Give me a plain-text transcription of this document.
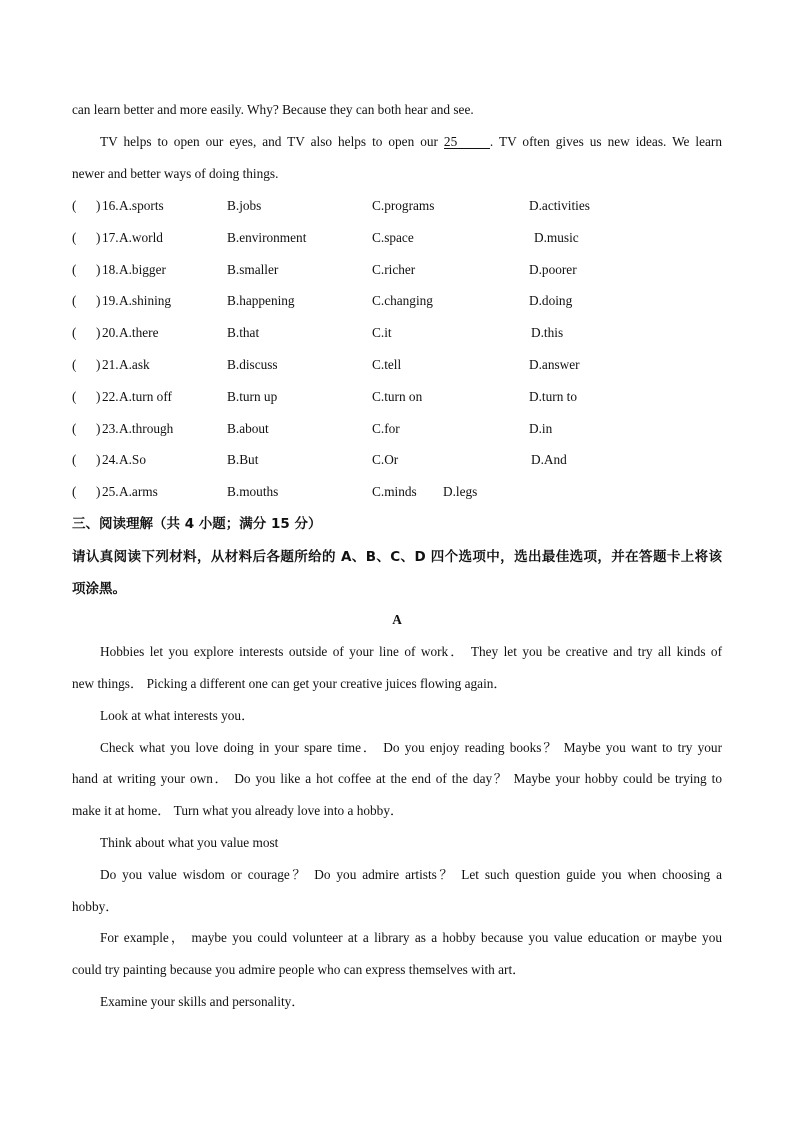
can learn better and more easily. Why? Because they can both hear and see.
TV helps to open our eyes, and TV also helps to open our 25 . TV often gives us new ideas. We learn
newer and better ways of doing things.
( ) 16. A.sports	B.jobs	C.programs	D.activities
( ) 17. A.world	B.environment	C.space	D.music
( ) 18. A.bigger	B.smaller	C.richer	D.poorer
( ) 19. A.shining	B.happening	C.changing	D.doing
( ) 20. A.there	B.that	C.it	D.this
( ) 21. A.ask	B.discuss	C.tell	D.answer
( ) 22. A.turn off	B.turn up	C.turn on	D.turn to
( ) 23. A.through	B.about	C.for	D.in
( ) 24. A.So	B.But	C.Or	D.And
( ) 25. A.arms	B.mouths	C.minds D.legs
三、阅读理解（共 4 小题；满分 15 分）
请认真阅读下列材料，从材料后各题所给的 A、B、C、D 四个选项中，选出最佳选项，并在答题卡上将该
项涂黑。
A
Hobbies let you explore interests outside of your line of work． They let you be creative and try all kinds of
new things． Picking a different one can get your creative juices flowing again．
Look at what interests you．
Check what you love doing in your spare time． Do you enjoy reading books？ Maybe you want to try your
hand at writing your own． Do you like a hot coffee at the end of the day？ Maybe your hobby could be trying to
make it at home． Turn what you already love into a hobby．
Think about what you value most
Do you value wisdom or courage？ Do you admire artists？ Let such question guide you when choosing a
hobby．
For example， maybe you could volunteer at a library as a hobby because you value education or maybe you
could try painting because you admire people who can express themselves with art．
Examine your skills and personality．
